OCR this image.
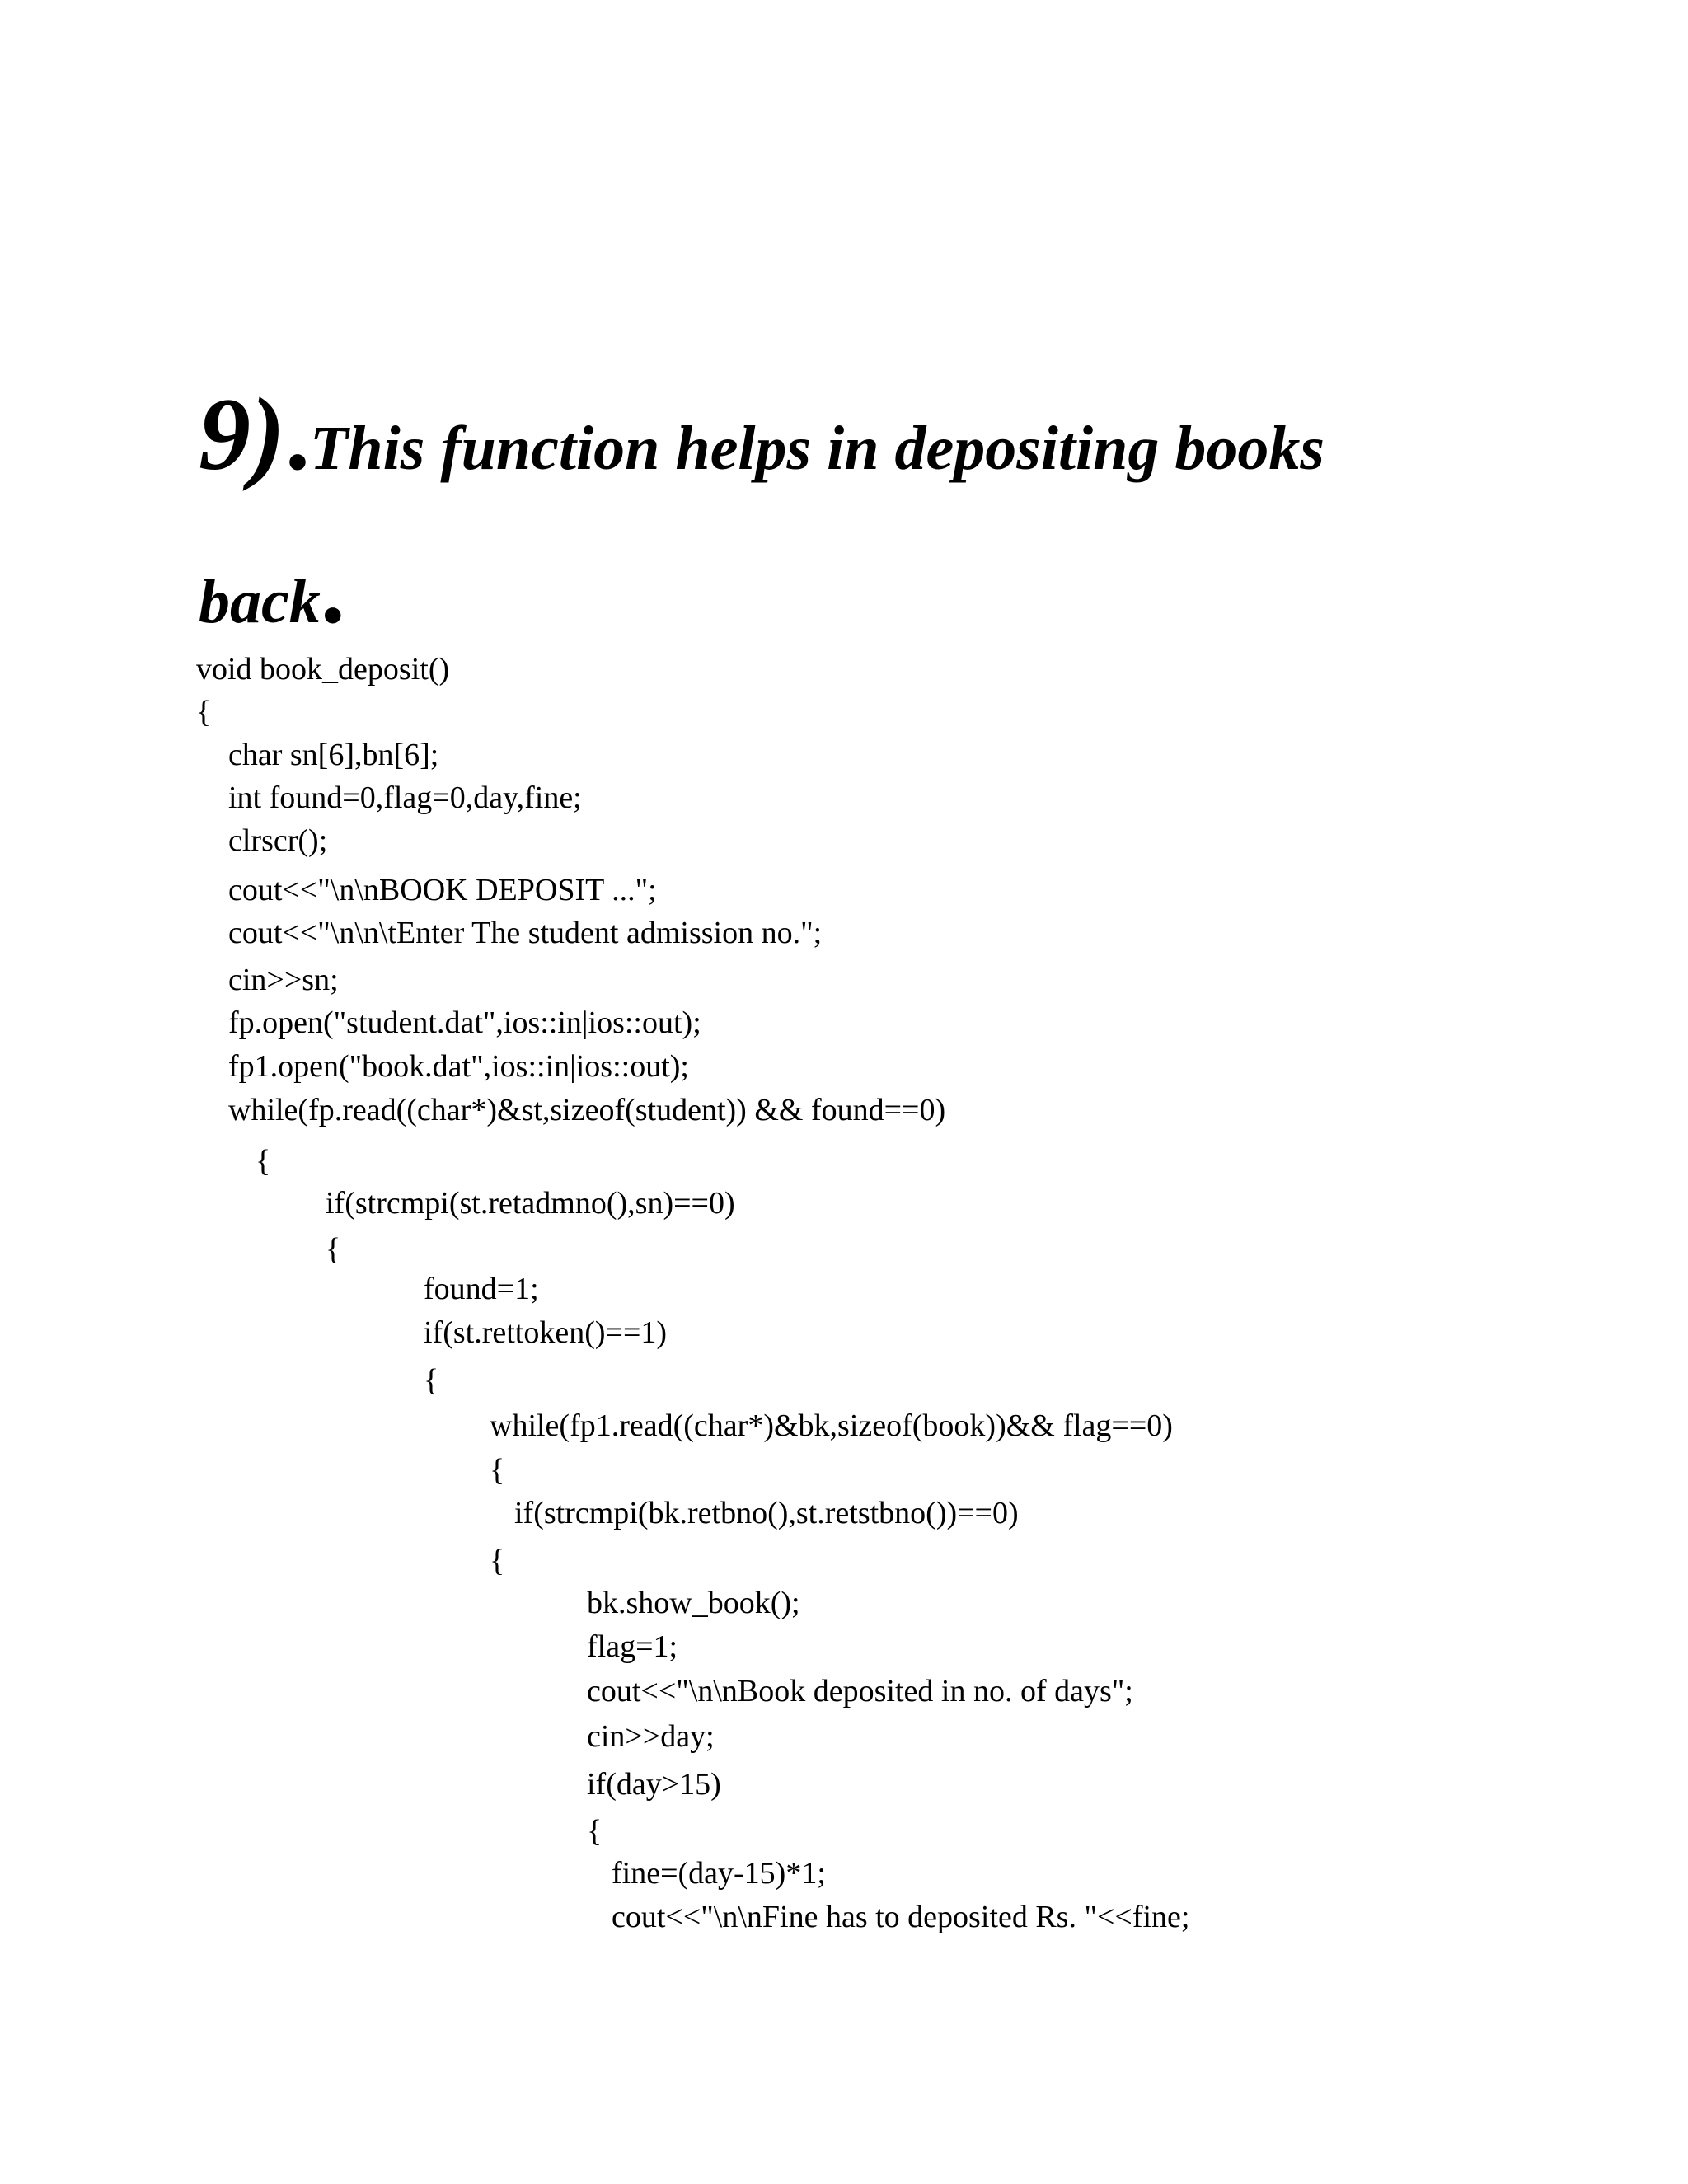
9).This function helps in depositing books
back.
void book_deposit()
{
char sn[6],bn[6];
int found=0,flag=0,day,fine;
clrscr();
cout<<"\n\nBOOK DEPOSIT ...";
cout<<"\n\n\tEnter The student admission no.";
cin>>sn;
fp.open("student.dat",ios::in|ios::out);
fp1.open("book.dat",ios::in|ios::out);
while(fp.read((char*)&st,sizeof(student)) && found==0)
{
if(strcmpi(st.retadmno(),sn)==0)
{
found=1;
if(st.rettoken()==1)
{
while(fp1.read((char*)&bk,sizeof(book))&& flag==0)
{
if(strcmpi(bk.retbno(),st.retstbno())==0)
{
bk.show_book();
flag=1;
cout<<"\n\nBook deposited in no. of days";
cin>>day;
if(day>15)
{
fine=(day-15)*1;
cout<<"\n\nFine has to deposited Rs. "<<fine;
